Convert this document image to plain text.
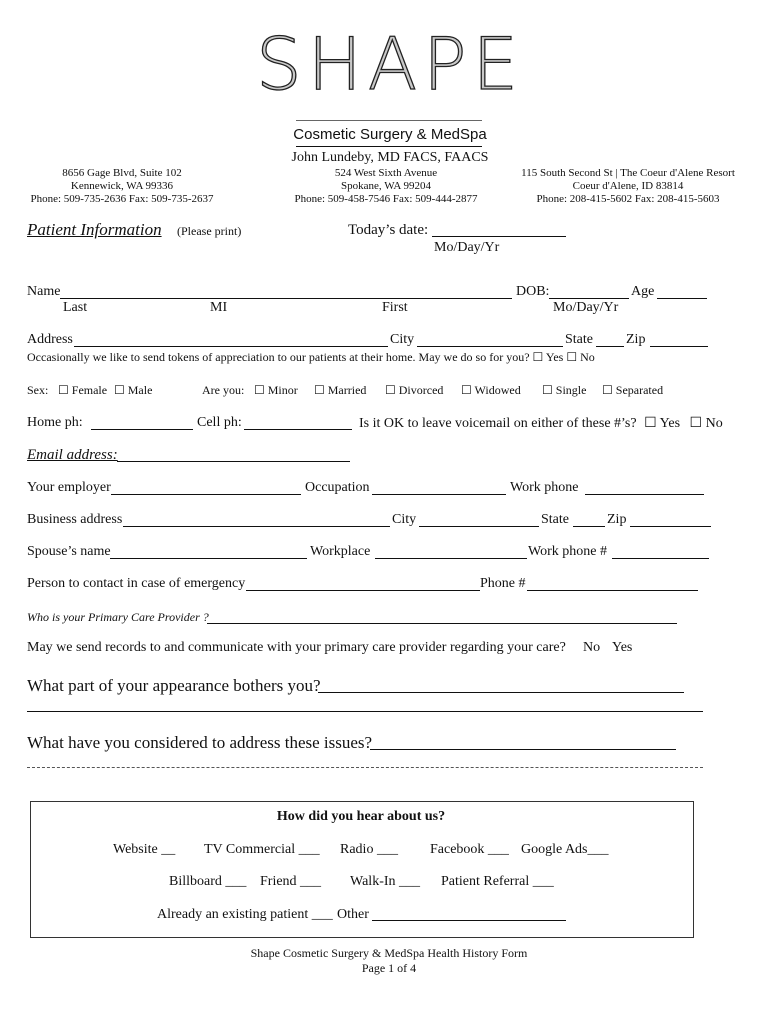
SHAPE
Cosmetic Surgery & MedSpa
John Lundeby, MD FACS, FAACS
8656 Gage Blvd, Suite 102
Kennewick, WA 99336
Phone: 509-735-2636 Fax: 509-735-2637
524 West Sixth Avenue
Spokane, WA 99204
Phone: 509-458-7546 Fax: 509-444-2877
115 South Second St | The Coeur d'Alene Resort
Coeur d'Alene, ID 83814
Phone: 208-415-5602 Fax: 208-415-5603
Patient Information (Please print)	Today’s date:
Mo/Day/Yr
Name	DOB:	Age
Last	MI	First	Mo/Day/Yr
Address	City	State Zip
Occasionally we like to send tokens of appreciation to our patients at their home. May we do so for you? ☐ Yes ☐ No
Sex: ☐ Female ☐ Male	Are you: ☐ Minor ☐ Married ☐ Divorced ☐ Widowed ☐ Single ☐ Separated
Home ph:	Cell ph:	Is it OK to leave voicemail on either of these #’s? ☐ Yes ☐ No
Email address:
Your employer	Occupation	Work phone
Business address	City	State	Zip
Spouse’s name	Workplace	Work phone #
Person to contact in case of emergency	Phone #
Who is your Primary Care Provider ?
May we send records to and communicate with your primary care provider regarding your care? No Yes
What part of your appearance bothers you?
What have you considered to address these issues?
How did you hear about us?
Website __ TV Commercial ___ Radio ___ Facebook ___ Google Ads___
Billboard ___ Friend ___ Walk-In ___ Patient Referral ___
Already an existing patient ___ Other
Shape Cosmetic Surgery & MedSpa Health History Form
Page 1 of 4
